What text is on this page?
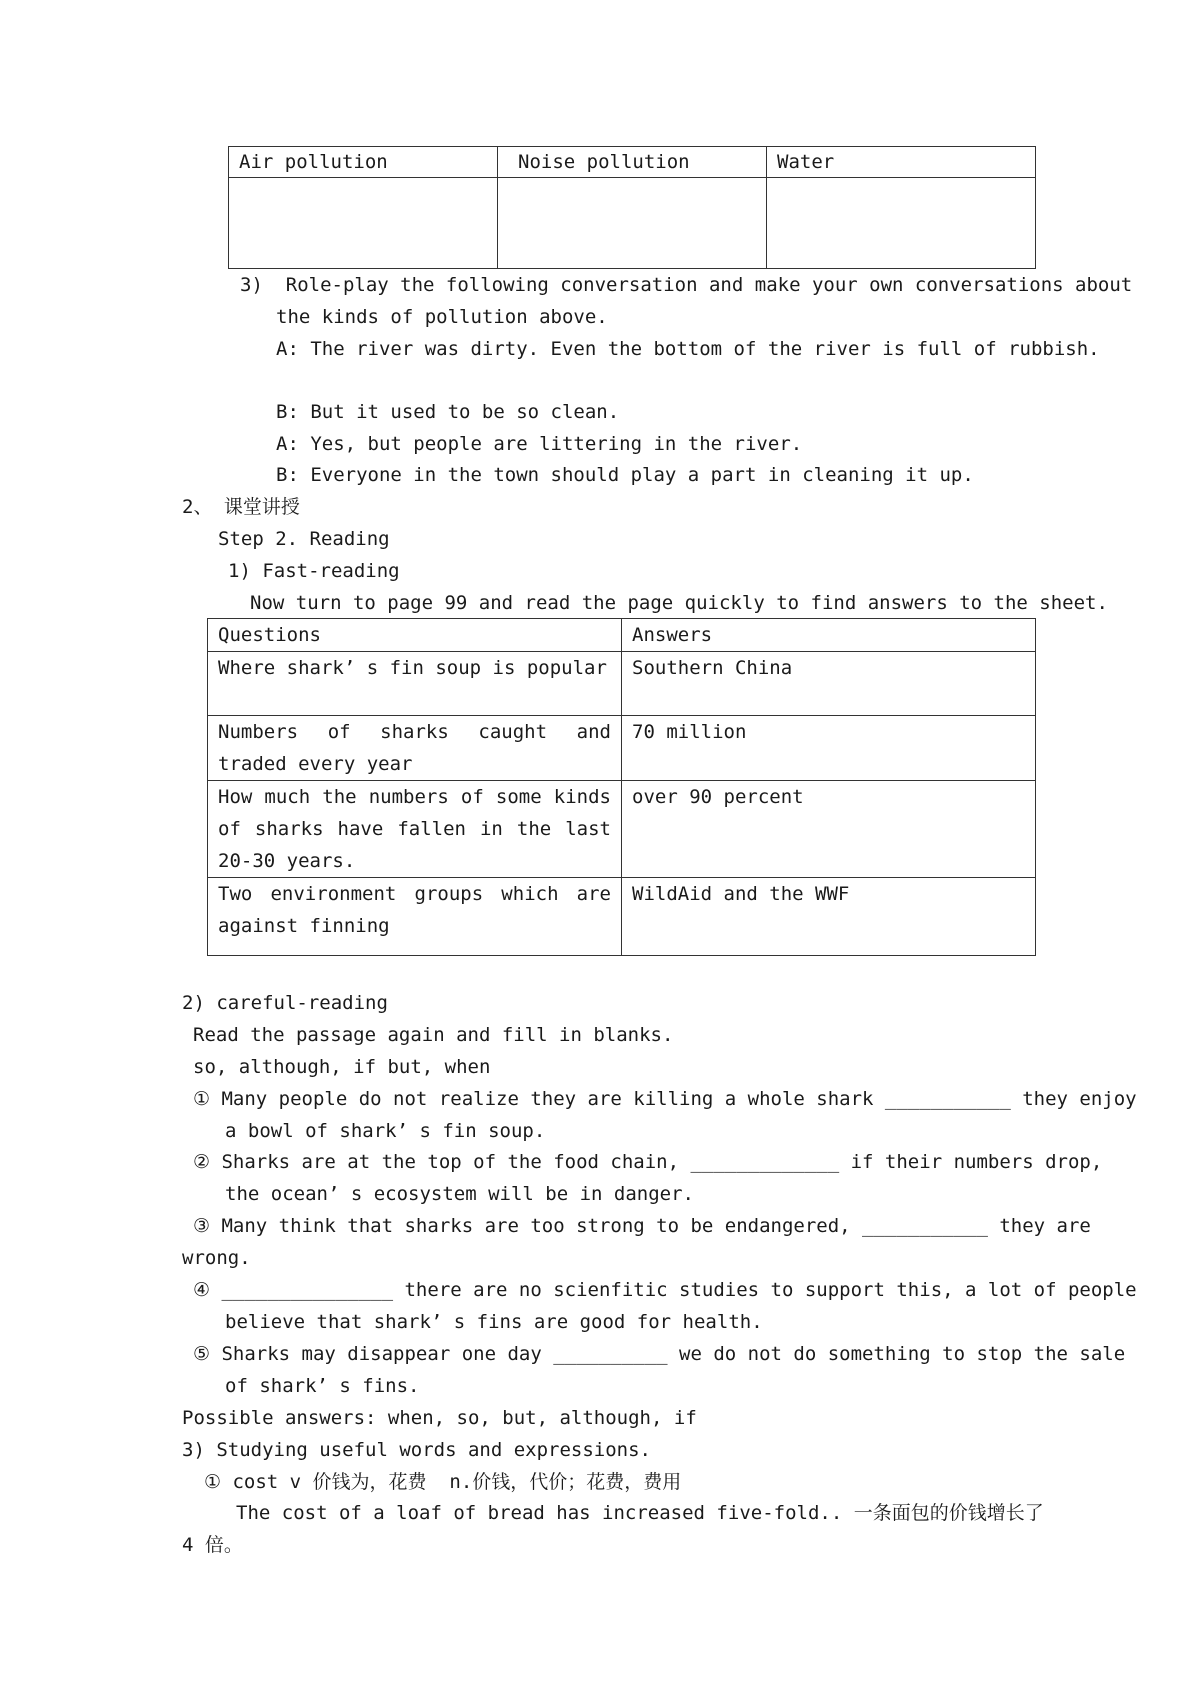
Air pollution	Noise pollution	Water

3)  Role-play the following conversation and make your own conversations about
the kinds of pollution above.
A: The river was dirty. Even the bottom of the river is full of rubbish.
B: But it used to be so clean.
A: Yes, but people are littering in the river.
B: Everyone in the town should play a part in cleaning it up.
2、 课堂讲授
Step 2. Reading
1) Fast-reading
Now turn to page 99 and read the page quickly to find answers to the sheet.
Questions	Answers
Where shark’ s fin soup is popular	Southern China
Numbers of sharks caught and traded every year	70 million
How much the numbers of some kinds of sharks have fallen in the last 20-30 years.	over 90 percent
Two environment groups which are against finning	WildAid and the WWF
2) careful-reading
Read the passage again and fill in blanks.
so, although, if but, when
① Many people do not realize they are killing a whole shark ___________ they enjoy
a bowl of shark’ s fin soup.
② Sharks are at the top of the food chain, _____________ if their numbers drop,
the ocean’ s ecosystem will be in danger.
③ Many think that sharks are too strong to be endangered, ___________ they are
wrong.
④ _______________ there are no scienfitic studies to support this, a lot of people
believe that shark’ s fins are good for health.
⑤ Sharks may disappear one day __________ we do not do something to stop the sale
of shark’ s fins.
Possible answers: when, so, but, although, if
3) Studying useful words and expressions.
① cost v 价钱为，花费  n.价钱，代价；花费，费用
The cost of a loaf of bread has increased five-fold.. 一条面包的价钱增长了
4 倍。
